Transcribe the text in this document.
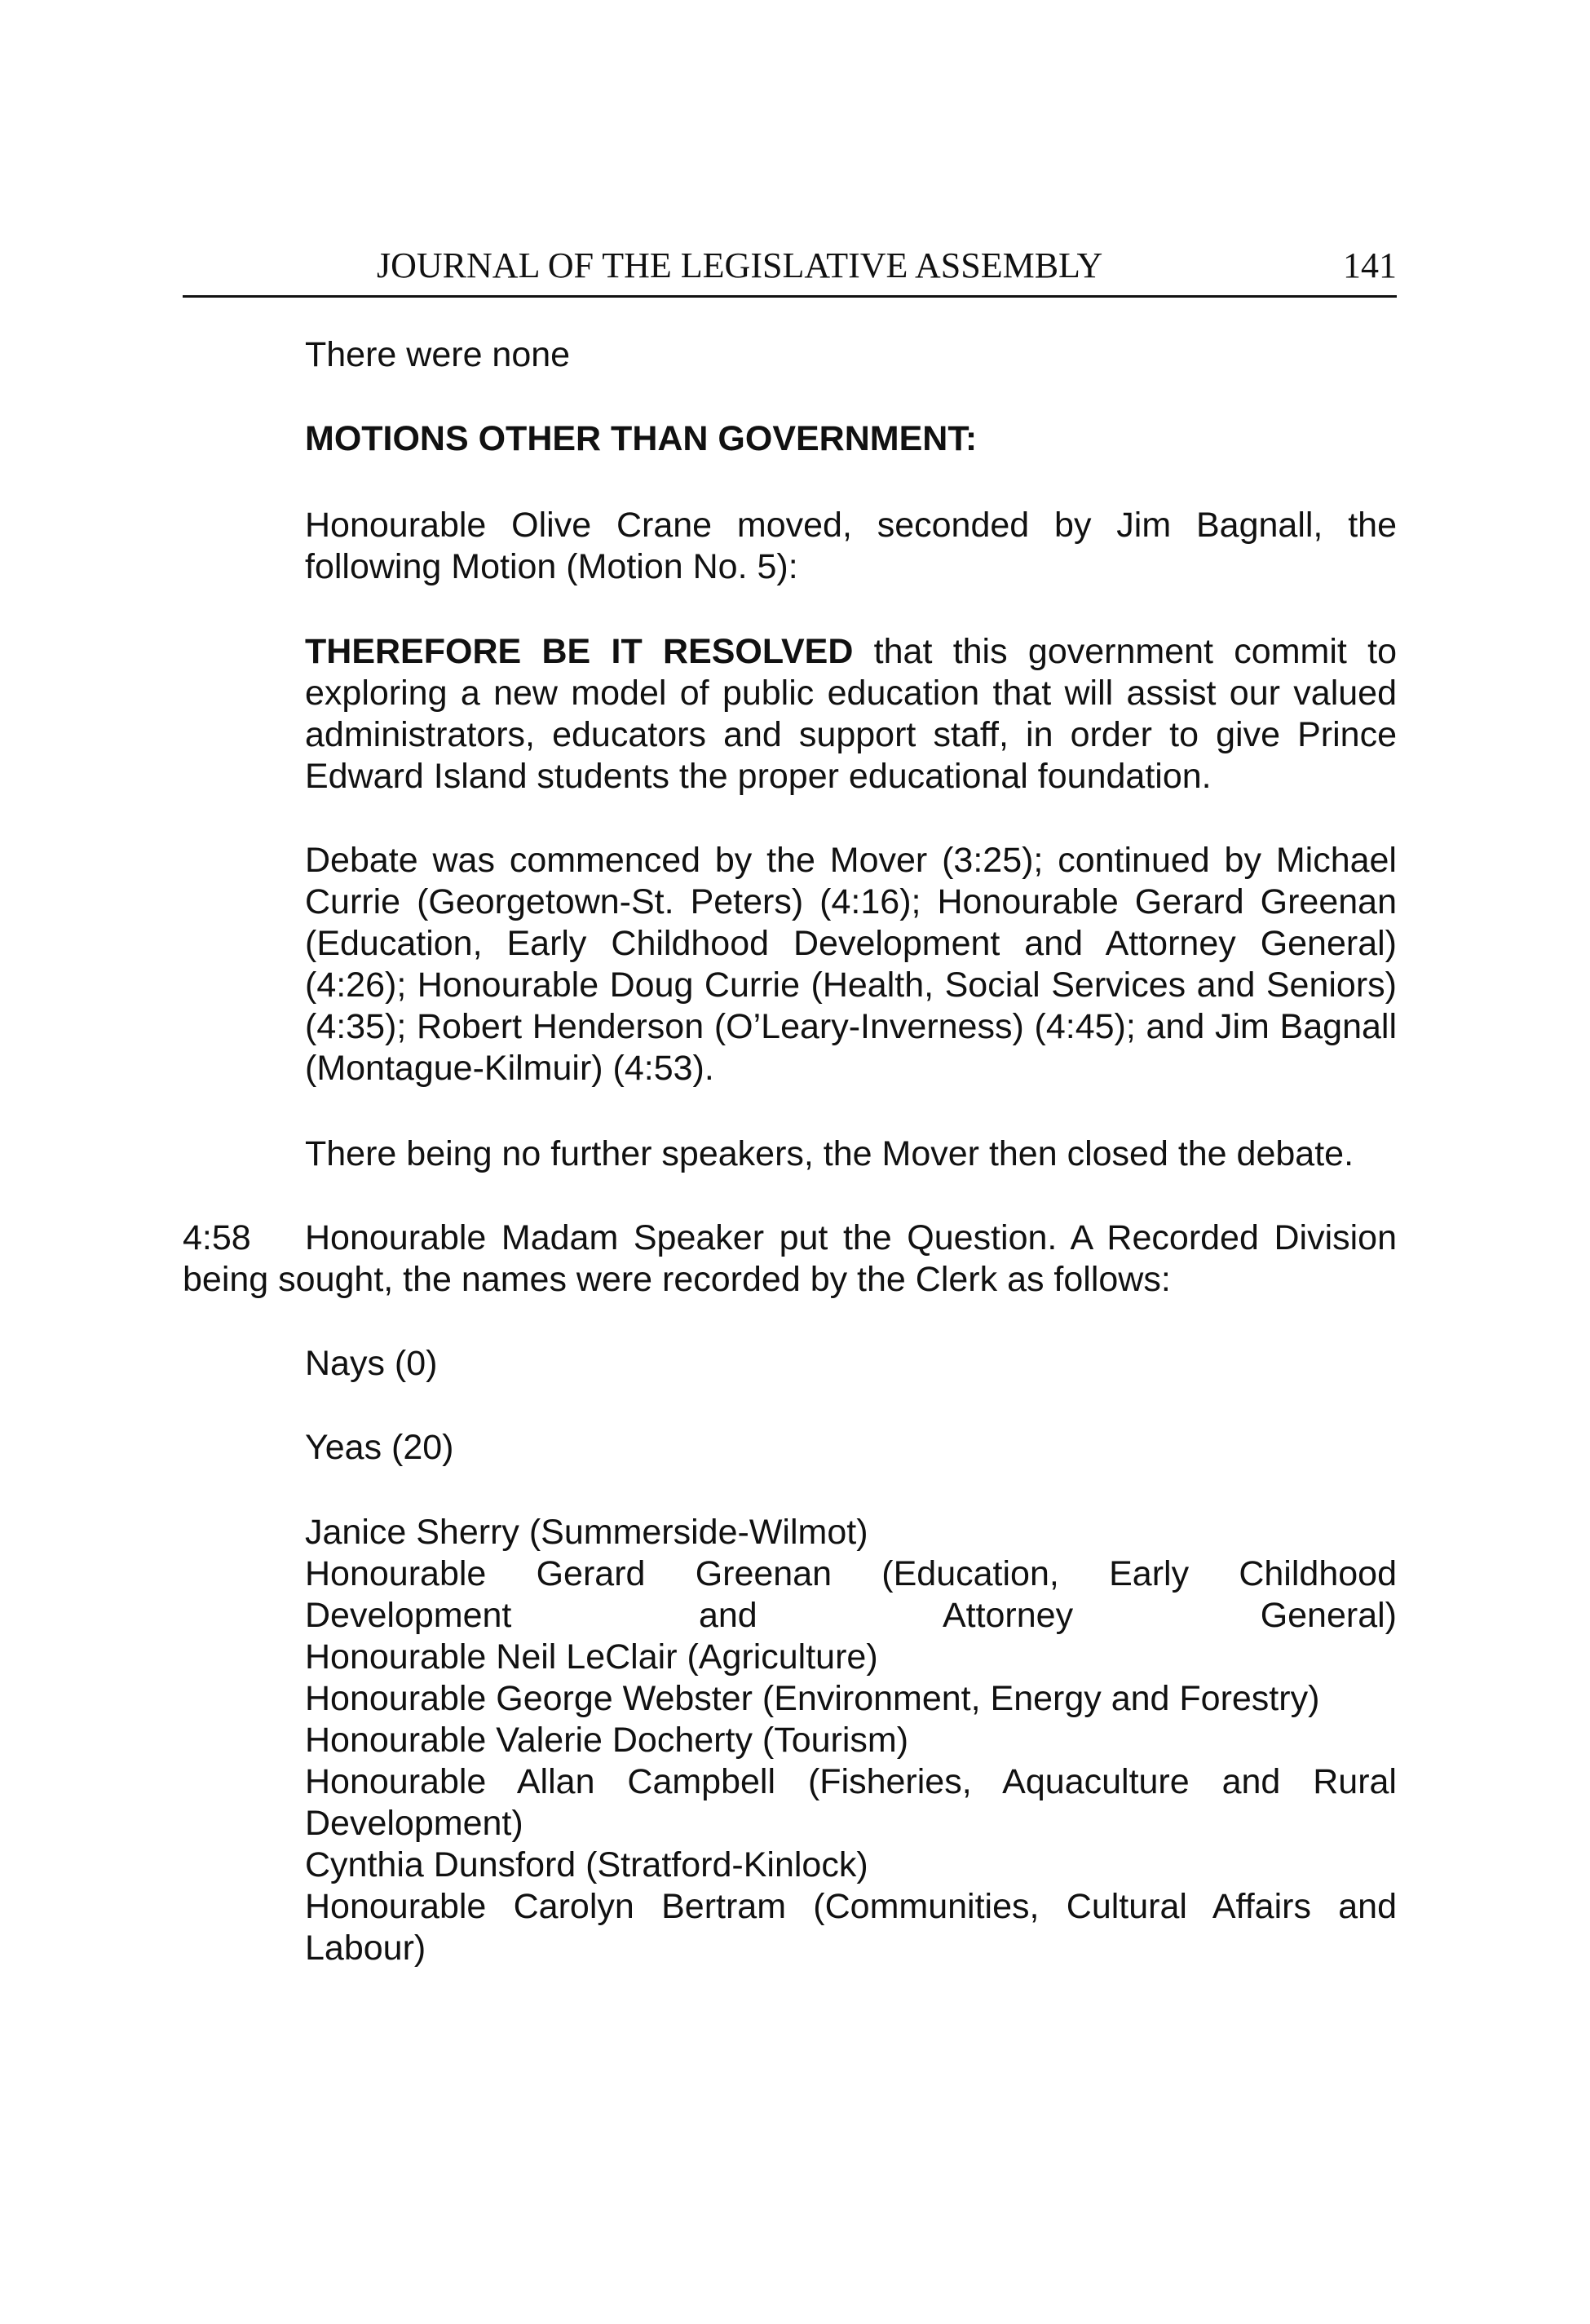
JOURNAL OF THE LEGISLATIVE ASSEMBLY	141
There were none
MOTIONS OTHER THAN GOVERNMENT:
Honourable Olive Crane moved, seconded by Jim Bagnall, the following Motion (Motion No. 5):
THEREFORE BE IT RESOLVED that this government commit to exploring a new model of public education that will assist our valued administrators, educators and support staff, in order to give Prince Edward Island students the proper educational foundation.
Debate was commenced by the Mover (3:25); continued by Michael Currie (Georgetown-St. Peters) (4:16); Honourable Gerard Greenan (Education, Early Childhood Development and Attorney General) (4:26); Honourable Doug Currie (Health, Social Services and Seniors) (4:35); Robert Henderson (O’Leary-Inverness) (4:45); and Jim Bagnall (Montague-Kilmuir) (4:53).
There being no further speakers, the Mover then closed the debate.
4:58 Honourable Madam Speaker put the Question. A Recorded Division being sought, the names were recorded by the Clerk as follows:
Nays (0)
Yeas (20)
Janice Sherry (Summerside-Wilmot)
Honourable Gerard Greenan (Education, Early Childhood Development and Attorney General)
Honourable Neil LeClair (Agriculture)
Honourable George Webster (Environment, Energy and Forestry)
Honourable Valerie Docherty (Tourism)
Honourable Allan Campbell (Fisheries, Aquaculture and Rural Development)
Cynthia Dunsford (Stratford-Kinlock)
Honourable Carolyn Bertram (Communities, Cultural Affairs and Labour)
